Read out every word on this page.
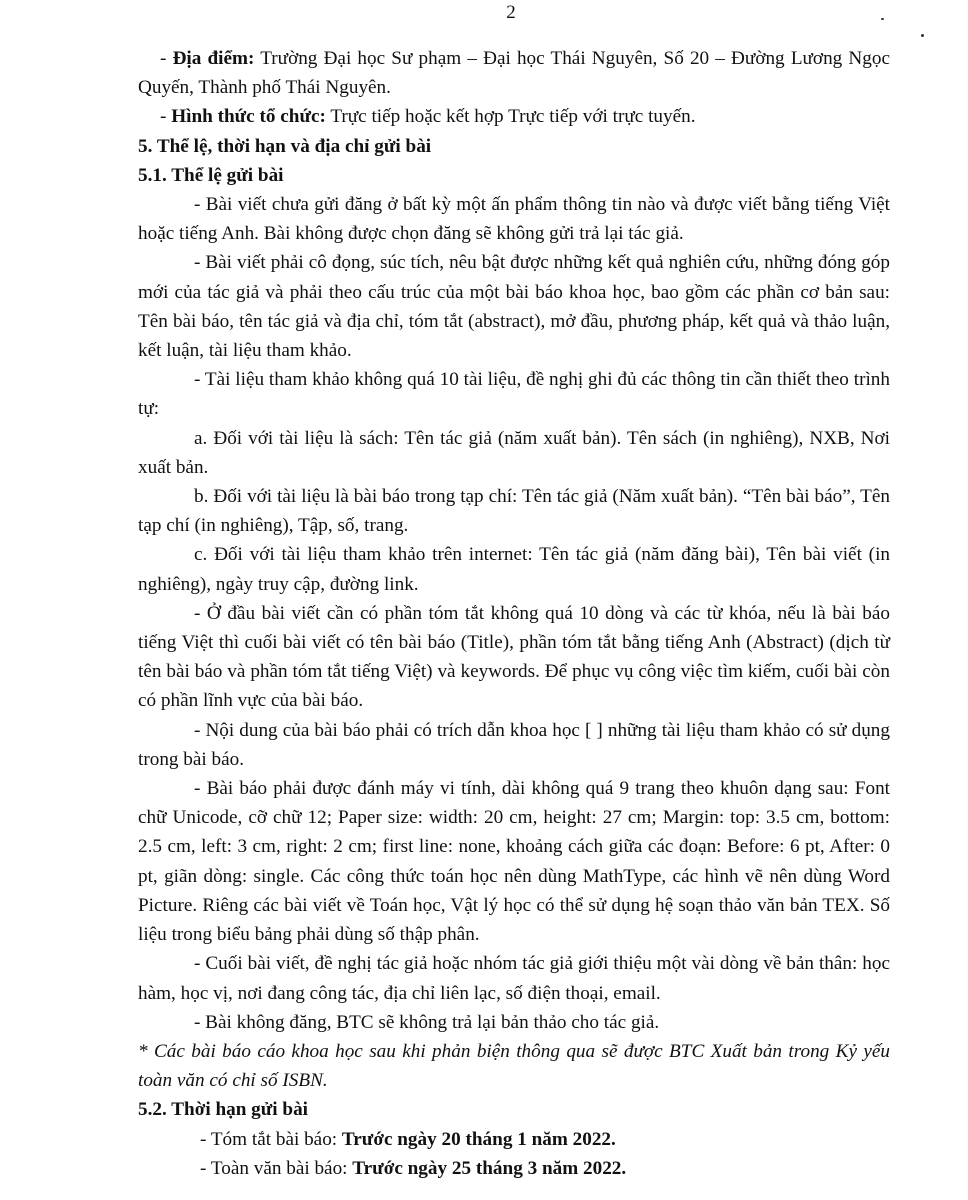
2

- Địa điểm: Trường Đại học Sư phạm – Đại học Thái Nguyên, Số 20 – Đường Lương Ngọc Quyến, Thành phố Thái Nguyên.

- Hình thức tổ chức: Trực tiếp hoặc kết hợp Trực tiếp với trực tuyến.

5. Thể lệ, thời hạn và địa chỉ gửi bài

5.1. Thể lệ gửi bài

- Bài viết chưa gửi đăng ở bất kỳ một ấn phẩm thông tin nào và được viết bằng tiếng Việt hoặc tiếng Anh. Bài không được chọn đăng sẽ không gửi trả lại tác giả.

- Bài viết phải cô đọng, súc tích, nêu bật được những kết quả nghiên cứu, những đóng góp mới của tác giả và phải theo cấu trúc của một bài báo khoa học, bao gồm các phần cơ bản sau: Tên bài báo, tên tác giả và địa chỉ, tóm tắt (abstract), mở đầu, phương pháp, kết quả và thảo luận, kết luận, tài liệu tham khảo.

- Tài liệu tham khảo không quá 10 tài liệu, đề nghị ghi đủ các thông tin cần thiết theo trình tự:

a. Đối với tài liệu là sách: Tên tác giả (năm xuất bản). Tên sách (in nghiêng), NXB, Nơi xuất bản.

b. Đối với tài liệu là bài báo trong tạp chí: Tên tác giả (Năm xuất bản). “Tên bài báo”, Tên tạp chí (in nghiêng), Tập, số, trang.

c. Đối với tài liệu tham khảo trên internet: Tên tác giả (năm đăng bài), Tên bài viết (in nghiêng), ngày truy cập, đường link.

- Ở đầu bài viết cần có phần tóm tắt không quá 10 dòng và các từ khóa, nếu là bài báo tiếng Việt thì cuối bài viết có tên bài báo (Title), phần tóm tắt bằng tiếng Anh (Abstract) (dịch từ tên bài báo và phần tóm tắt tiếng Việt) và keywords. Để phục vụ công việc tìm kiếm, cuối bài còn có phần lĩnh vực của bài báo.

- Nội dung của bài báo phải có trích dẫn khoa học [ ] những tài liệu tham khảo có sử dụng trong bài báo.

- Bài báo phải được đánh máy vi tính, dài không quá 9 trang theo khuôn dạng sau: Font chữ Unicode, cỡ chữ 12; Paper size: width: 20 cm, height: 27 cm; Margin: top: 3.5 cm, bottom: 2.5 cm, left: 3 cm, right: 2 cm; first line: none, khoảng cách giữa các đoạn: Before: 6 pt, After: 0 pt, giãn dòng: single. Các công thức toán học nên dùng MathType, các hình vẽ nên dùng Word Picture. Riêng các bài viết về Toán học, Vật lý học có thể sử dụng hệ soạn thảo văn bản TEX. Số liệu trong biểu bảng phải dùng số thập phân.

- Cuối bài viết, đề nghị tác giả hoặc nhóm tác giả giới thiệu một vài dòng về bản thân: học hàm, học vị, nơi đang công tác, địa chỉ liên lạc, số điện thoại, email.

- Bài không đăng, BTC sẽ không trả lại bản thảo cho tác giả.

* Các bài báo cáo khoa học sau khi phản biện thông qua sẽ được BTC Xuất bản trong Kỷ yếu toàn văn có chỉ số ISBN.

5.2. Thời hạn gửi bài

- Tóm tắt bài báo: Trước ngày 20 tháng 1 năm 2022.

- Toàn văn bài báo: Trước ngày 25 tháng 3 năm 2022.
